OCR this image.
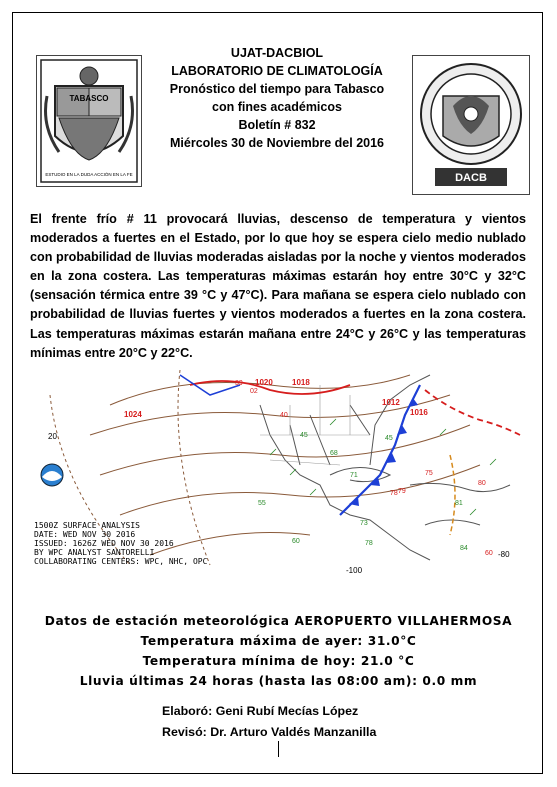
TABASCO
ESTUDIO EN LA DUDA ACCIÓN EN LA FE
UJAT-DACBIOL
LABORATORIO DE CLIMATOLOGÍA
Pronóstico del tiempo para Tabasco
con fines académicos
Boletín # 832
Miércoles 30 de Noviembre del 2016
DACB
El frente frío # 11 provocará lluvias, descenso de temperatura y vientos moderados a fuertes en el Estado, por lo que hoy se espera cielo medio nublado con probabilidad de lluvias moderadas aisladas por la noche y vientos moderados en la zona costera. Las temperaturas máximas estarán hoy entre 30°C y 32°C (sensación térmica entre 39 °C y 47°C). Para mañana se espera cielo nublado con probabilidad de lluvias fuertes y vientos moderados a fuertes en la zona costera. Las temperaturas máximas estarán mañana entre 24°C y 26°C y las temperaturas mínimas entre 20°C y 22°C.
1024
1020 1018
1012
1016
39
02
40
45
68
71
73
78 79
75
80
60
55	81
45
84
78
60
20
-100
-80
1500Z SURFACE ANALYSIS
DATE: WED NOV 30 2016
ISSUED: 1626Z WED NOV 30 2016
BY WPC ANALYST SANTORELLI
COLLABORATING CENTERS: WPC, NHC, OPC
Datos de estación meteorológica AEROPUERTO VILLAHERMOSA
Temperatura máxima de ayer: 31.0°C
Temperatura mínima de hoy: 21.0 °C
Lluvia últimas 24 horas (hasta las 08:00 am): 0.0 mm
Elaboró: Geni Rubí Mecías López
Revisó: Dr. Arturo Valdés Manzanilla
